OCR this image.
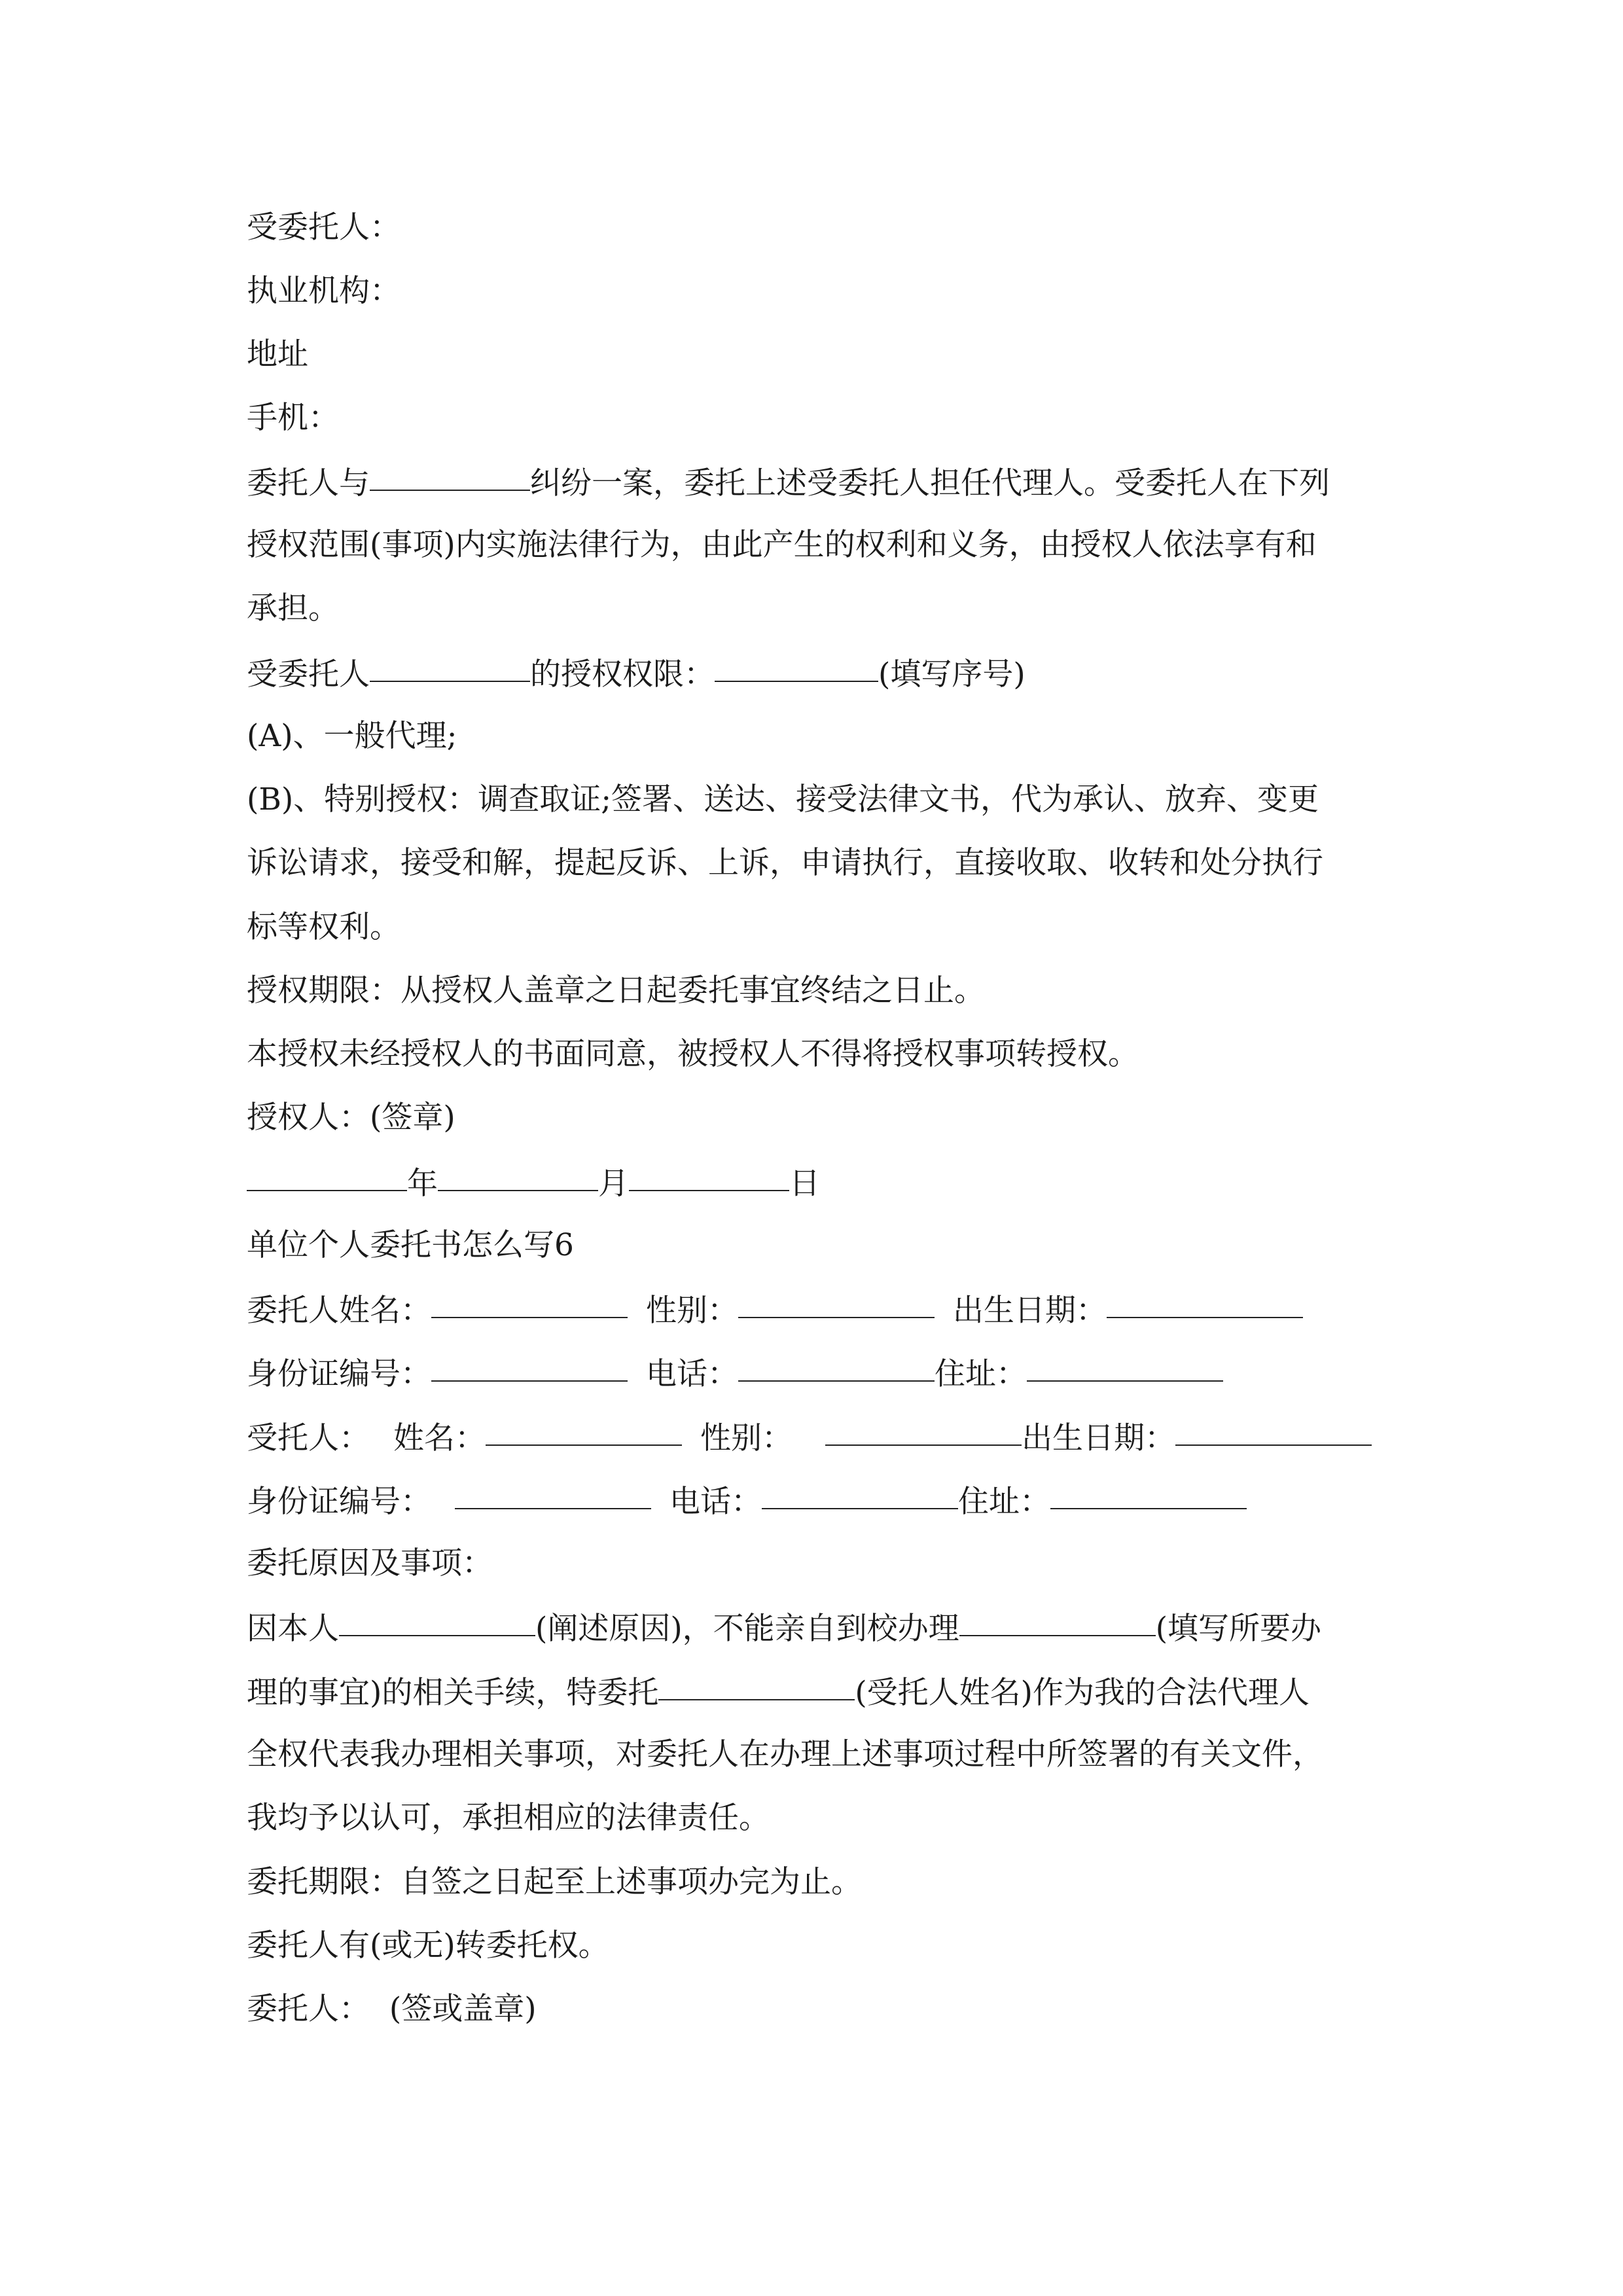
受委托人：
执业机构：
地址
手机：
委托人与	纠纷一案，委托上述受委托人担任代理人。受委托人在下列
授权范围(事项)内实施法律行为，由此产生的权利和义务，由授权人依法享有和
承担。
受委托人	的授权权限：	(填写序号)
(A)、一般代理;
(B)、特别授权：调查取证;签署、送达、接受法律文书，代为承认、放弃、变更
诉讼请求，接受和解，提起反诉、上诉，申请执行，直接收取、收转和处分执行
标等权利。
授权期限：从授权人盖章之日起委托事宜终结之日止。
本授权未经授权人的书面同意，被授权人不得将授权事项转授权。
授权人：(签章)
年	月	日
单位个人委托书怎么写6
委托人姓名：	性别：	出生日期：
身份证编号：	电话：	住址：
受托人： 姓名：	性别：	出生日期：
身份证编号：	电话：	住址：
委托原因及事项：
因本人	(阐述原因)，不能亲自到校办理	(填写所要办
理的事宜)的相关手续，特委托	(受托人姓名)作为我的合法代理人
全权代表我办理相关事项，对委托人在办理上述事项过程中所签署的有关文件，
我均予以认可，承担相应的法律责任。
委托期限：自签之日起至上述事项办完为止。
委托人有(或无)转委托权。
委托人：  (签或盖章)
